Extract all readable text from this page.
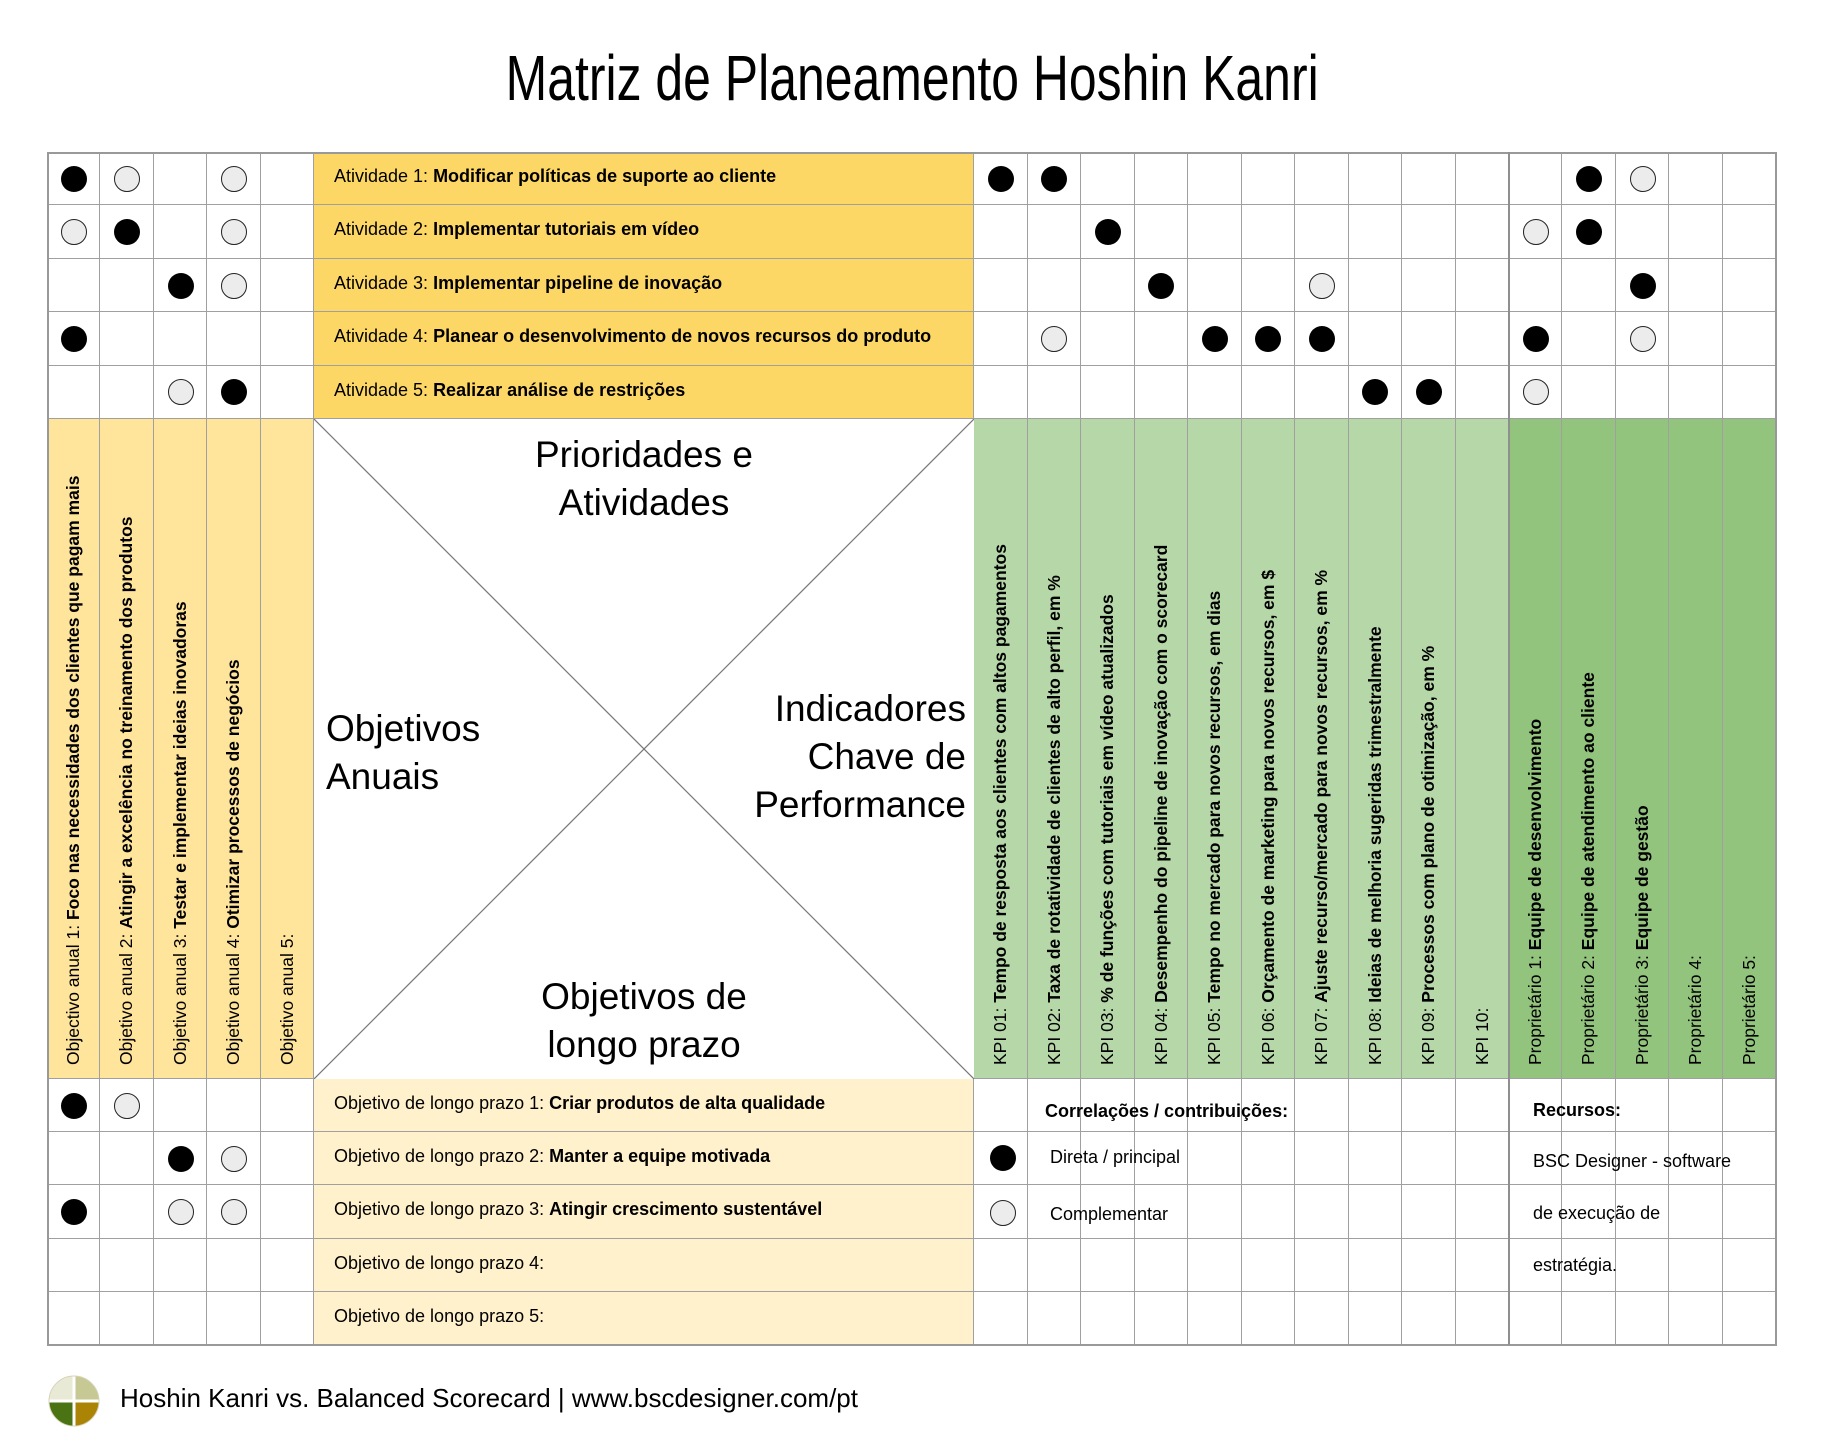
Matriz de Planeamento Hoshin Kanri
Atividade 1: Modificar políticas de suporte ao cliente
Atividade 2: Implementar tutoriais em vídeo
Atividade 3: Implementar pipeline de inovação
Atividade 4: Planear o desenvolvimento de novos recursos do produto
Atividade 5: Realizar análise de restrições
Objectivo anual 1: Foco nas necessidades dos clientes que pagam mais
Objetivo anual 2: Atingir a excelência no treinamento dos produtos
Objetivo anual 3: Testar e implementar ideias inovadoras
Objetivo anual 4: Otimizar processos de negócios
Objetivo anual 5:	KPI 01: Tempo de resposta aos clientes com altos pagamentos
KPI 02: Taxa de rotatividade de clientes de alto perfil, em %
KPI 03: % de funções com tutoriais em vídeo atualizados
KPI 04: Desempenho do pipeline de inovação com o scorecard
KPI 05: Tempo no mercado para novos recursos, em dias
KPI 06: Orçamento de marketing para novos recursos, em $
KPI 07: Ajuste recurso/mercado para novos recursos, em %
KPI 08: Ideias de melhoria sugeridas trimestralmente
KPI 09: Processos com plano de otimização, em %
KPI 10: Proprietário 1: Equipe de desenvolvimento
Proprietário 2: Equipe de atendimento ao cliente
Proprietário 3: Equipe de gestão
Proprietário 4: Proprietário 5:
Objetivo de longo prazo 1: Criar produtos de alta qualidade
Objetivo de longo prazo 2: Manter a equipe motivada
Objetivo de longo prazo 3: Atingir crescimento sustentável
Objetivo de longo prazo 4:
Objetivo de longo prazo 5:
Prioridades e
Atividades
Objetivos
Anuais
Indicadores
Chave de
Performance
Objetivos de
longo prazo
Correlações / contribuições:
Direta / principal
Complementar
Recursos:
BSC Designer - software
de execução de
estratégia.
Hoshin Kanri vs. Balanced Scorecard | www.bscdesigner.com/pt
